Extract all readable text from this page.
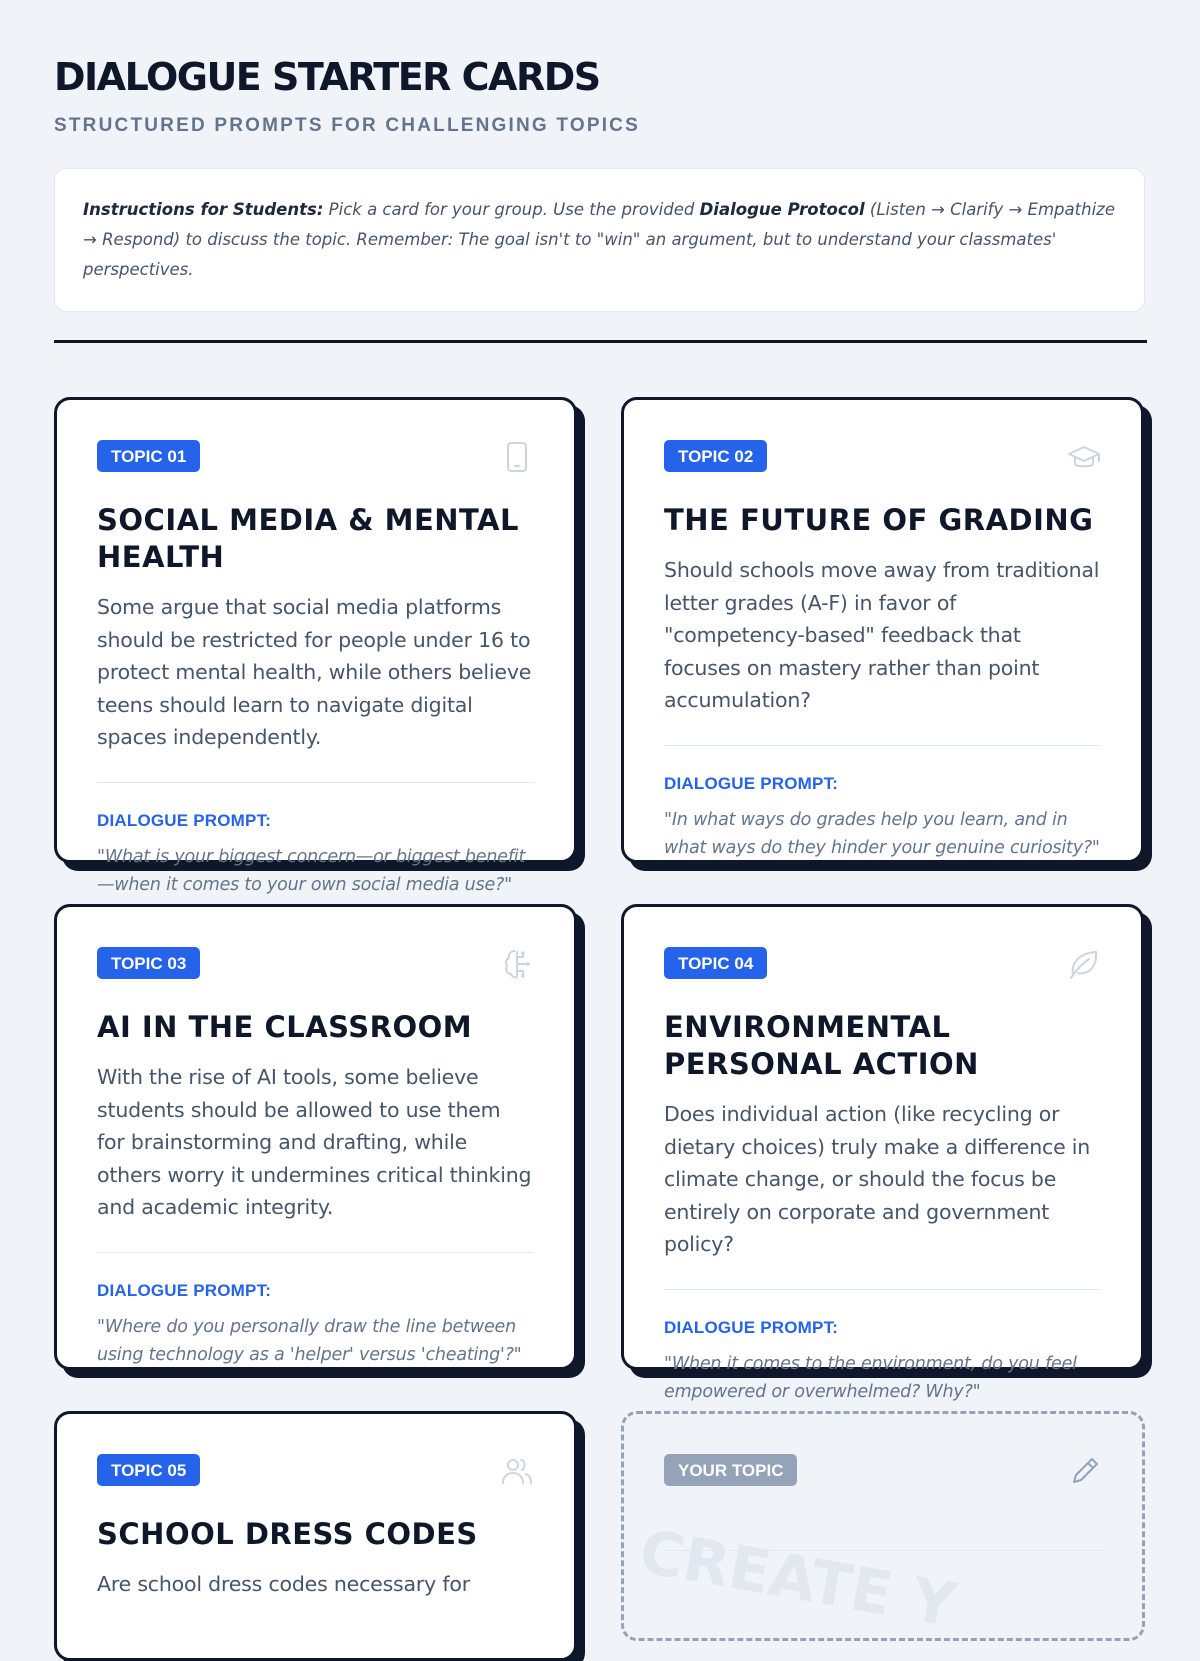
DIALOGUE STARTER CARDS
STRUCTURED PROMPTS FOR CHALLENGING TOPICS
Instructions for Students: Pick a card for your group. Use the provided Dialogue Protocol (Listen → Clarify → Empathize → Respond) to discuss the topic. Remember: The goal isn't to "win" an argument, but to understand your classmates' perspectives.
TOPIC 01
SOCIAL MEDIA & MENTAL HEALTH

Some argue that social media platforms should be restricted for people under 16 to protect mental health, while others believe teens should learn to navigate digital spaces independently.

DIALOGUE PROMPT:

"What is your biggest concern—or biggest benefit—when it comes to your own social media use?"

TOPIC 02
THE FUTURE OF GRADING

Should schools move away from traditional letter grades (A-F) in favor of "competency-based" feedback that focuses on mastery rather than point accumulation?

DIALOGUE PROMPT:

"In what ways do grades help you learn, and in what ways do they hinder your genuine curiosity?"

TOPIC 03
AI IN THE CLASSROOM

With the rise of AI tools, some believe students should be allowed to use them for brainstorming and drafting, while others worry it undermines critical thinking and academic integrity.

DIALOGUE PROMPT:

"Where do you personally draw the line between using technology as a 'helper' versus 'cheating'?"

TOPIC 04
ENVIRONMENTAL PERSONAL ACTION

Does individual action (like recycling or dietary choices) truly make a difference in climate change, or should the focus be entirely on corporate and government policy?

DIALOGUE PROMPT:

"When it comes to the environment, do you feel empowered or overwhelmed? Why?"

TOPIC 05
SCHOOL DRESS CODES

Are school dress codes necessary for

YOUR TOPIC
CREATE Y
